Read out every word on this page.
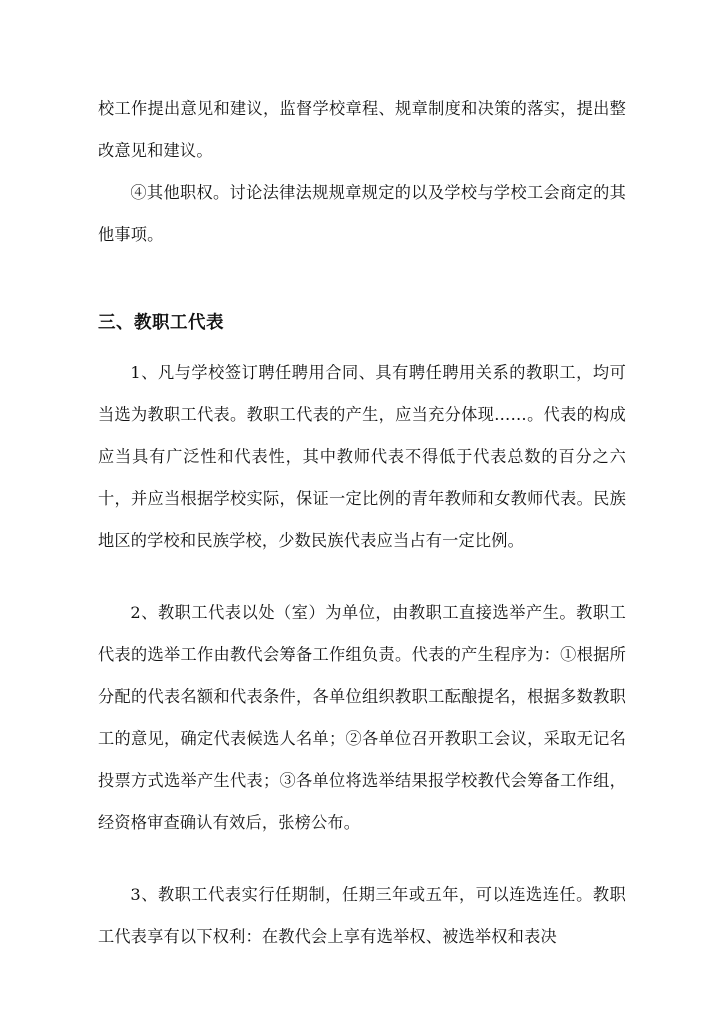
校工作提出意见和建议，监督学校章程、规章制度和决策的落实，提出整改意见和建议。

④其他职权。讨论法律法规规章规定的以及学校与学校工会商定的其他事项。

三、教职工代表

1、凡与学校签订聘任聘用合同、具有聘任聘用关系的教职工，均可当选为教职工代表。教职工代表的产生，应当充分体现……。代表的构成应当具有广泛性和代表性，其中教师代表不得低于代表总数的百分之六十，并应当根据学校实际，保证一定比例的青年教师和女教师代表。民族地区的学校和民族学校，少数民族代表应当占有一定比例。

2、教职工代表以处（室）为单位，由教职工直接选举产生。教职工代表的选举工作由教代会筹备工作组负责。代表的产生程序为：①根据所分配的代表名额和代表条件，各单位组织教职工酝酿提名，根据多数教职工的意见，确定代表候选人名单；②各单位召开教职工会议，采取无记名投票方式选举产生代表；③各单位将选举结果报学校教代会筹备工作组，经资格审查确认有效后，张榜公布。

3、教职工代表实行任期制，任期三年或五年，可以连选连任。教职工代表享有以下权利：在教代会上享有选举权、被选举权和表决
